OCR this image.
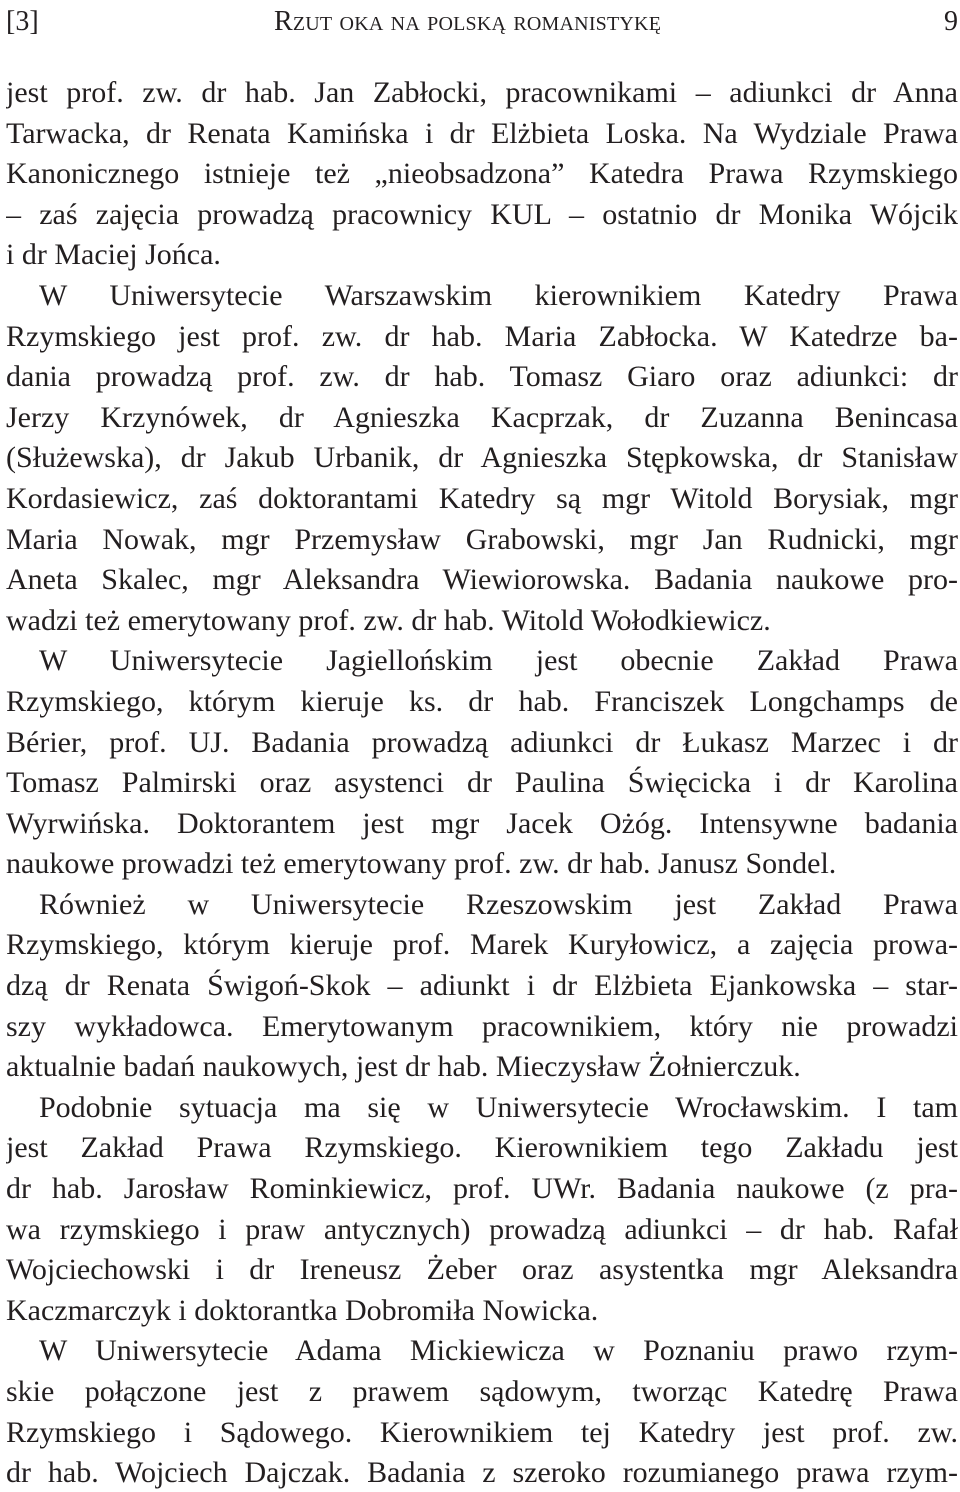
[3]	Rzut oka na polską romanistykę	9
jest prof. zw. dr hab. Jan Zabłocki, pracownikami – adiunkci dr Anna
Tarwacka, dr Renata Kamińska i dr Elżbieta Loska. Na Wydziale Prawa
Kanonicznego istnieje też „nieobsadzona” Katedra Prawa Rzymskiego
– zaś zajęcia prowadzą pracownicy KUL – ostatnio dr Monika Wójcik
i dr Maciej Jońca.
W Uniwersytecie Warszawskim kierownikiem Katedry Prawa
Rzymskiego jest prof. zw. dr hab. Maria Zabłocka. W Katedrze ba-
dania prowadzą prof. zw. dr hab. Tomasz Giaro oraz adiunkci: dr
Jerzy Krzynówek, dr Agnieszka Kacprzak, dr Zuzanna Benincasa
(Służewska), dr Jakub Urbanik, dr Agnieszka Stępkowska, dr Stanisław
Kordasiewicz, zaś doktorantami Katedry są mgr Witold Borysiak, mgr
Maria Nowak, mgr Przemysław Grabowski, mgr Jan Rudnicki, mgr
Aneta Skalec, mgr Aleksandra Wiewiorowska. Badania naukowe pro-
wadzi też emerytowany prof. zw. dr hab. Witold Wołodkiewicz.
W Uniwersytecie Jagiellońskim jest obecnie Zakład Prawa
Rzymskiego, którym kieruje ks. dr hab. Franciszek Longchamps de
Bérier, prof. UJ. Badania prowadzą adiunkci dr Łukasz Marzec i dr
Tomasz Palmirski oraz asystenci dr Paulina Święcicka i dr Karolina
Wyrwińska. Doktorantem jest mgr Jacek Ożóg. Intensywne badania
naukowe prowadzi też emerytowany prof. zw. dr hab. Janusz Sondel.
Również w Uniwersytecie Rzeszowskim jest Zakład Prawa
Rzymskiego, którym kieruje prof. Marek Kuryłowicz, a zajęcia prowa-
dzą dr Renata Świgoń-Skok – adiunkt i dr Elżbieta Ejankowska – star-
szy wykładowca. Emerytowanym pracownikiem, który nie prowadzi
aktualnie badań naukowych, jest dr hab. Mieczysław Żołnierczuk.
Podobnie sytuacja ma się w Uniwersytecie Wrocławskim. I tam
jest Zakład Prawa Rzymskiego. Kierownikiem tego Zakładu jest
dr hab. Jarosław Rominkiewicz, prof. UWr. Badania naukowe (z pra-
wa rzymskiego i praw antycznych) prowadzą adiunkci – dr hab. Rafał
Wojciechowski i dr Ireneusz Żeber oraz asystentka mgr Aleksandra
Kaczmarczyk i doktorantka Dobromiła Nowicka.
W Uniwersytecie Adama Mickiewicza w Poznaniu prawo rzym-
skie połączone jest z prawem sądowym, tworząc Katedrę Prawa
Rzymskiego i Sądowego. Kierownikiem tej Katedry jest prof. zw.
dr hab. Wojciech Dajczak. Badania z szeroko rozumianego prawa rzym-
